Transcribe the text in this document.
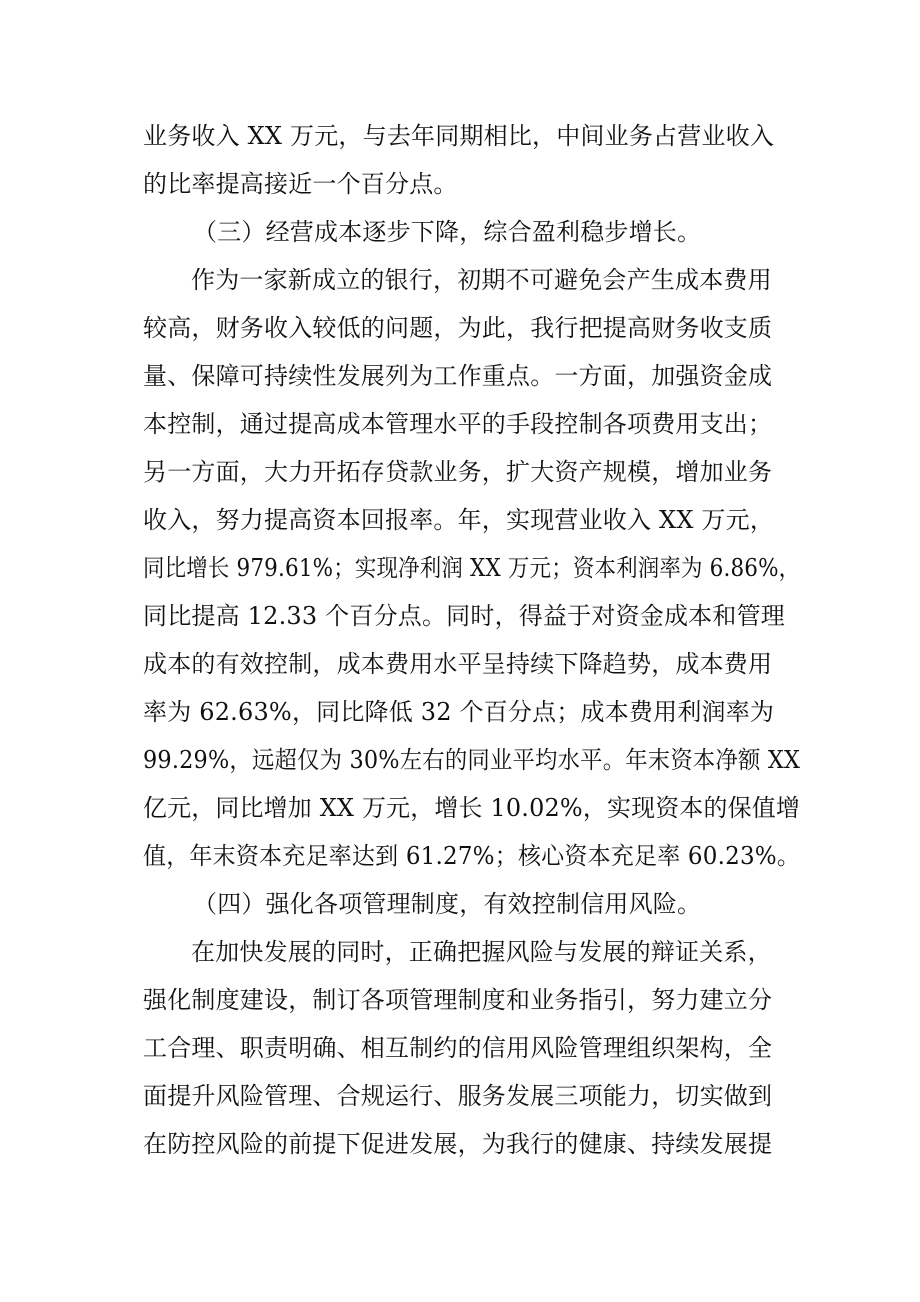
业务收入 XX 万元，与去年同期相比，中间业务占营业收入
的比率提高接近一个百分点。
（三）经营成本逐步下降，综合盈利稳步增长。
作为一家新成立的银行，初期不可避免会产生成本费用
较高，财务收入较低的问题，为此，我行把提高财务收支质
量、保障可持续性发展列为工作重点。一方面，加强资金成
本控制，通过提高成本管理水平的手段控制各项费用支出；
另一方面，大力开拓存贷款业务，扩大资产规模，增加业务
收入，努力提高资本回报率。年，实现营业收入 XX 万元，
同比增长 979.61%；实现净利润 XX 万元；资本利润率为 6.86%，
同比提高 12.33 个百分点。同时，得益于对资金成本和管理
成本的有效控制，成本费用水平呈持续下降趋势，成本费用
率为 62.63%，同比降低 32 个百分点；成本费用利润率为
99.29%，远超仅为 30%左右的同业平均水平。年末资本净额 XX
亿元，同比增加 XX 万元，增长 10.02%，实现资本的保值增
值，年末资本充足率达到 61.27%；核心资本充足率 60.23%。
（四）强化各项管理制度，有效控制信用风险。
在加快发展的同时，正确把握风险与发展的辩证关系，
强化制度建设，制订各项管理制度和业务指引，努力建立分
工合理、职责明确、相互制约的信用风险管理组织架构，全
面提升风险管理、合规运行、服务发展三项能力，切实做到
在防控风险的前提下促进发展，为我行的健康、持续发展提
